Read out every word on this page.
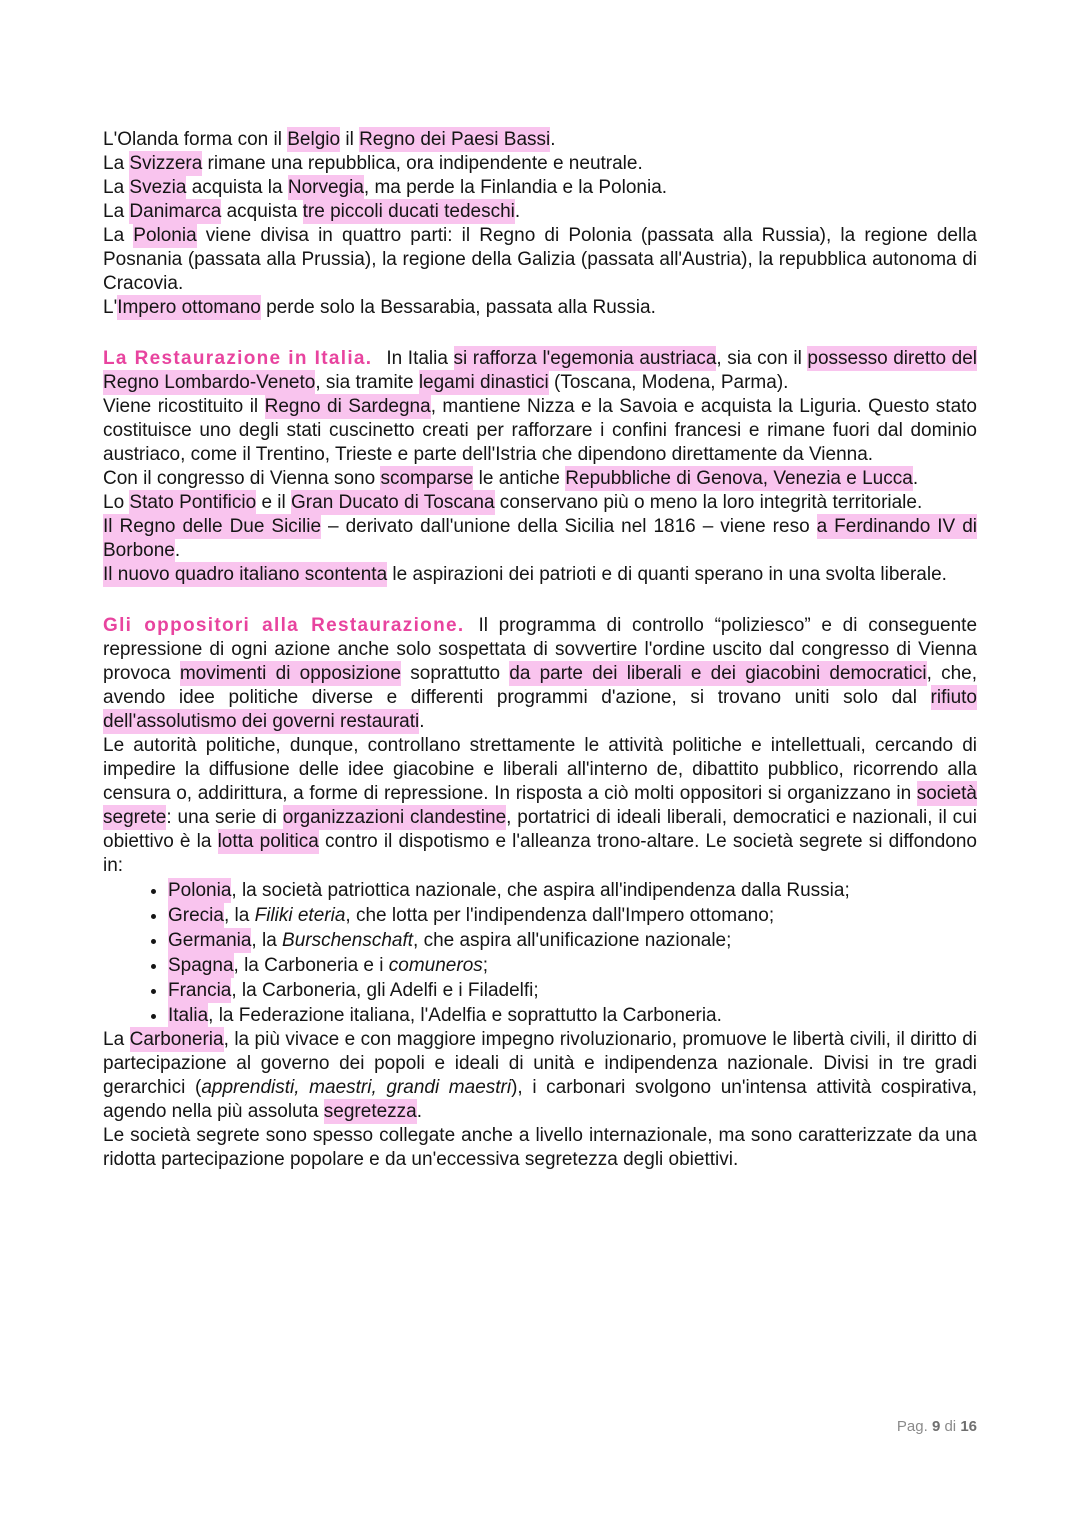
L'Olanda forma con il Belgio il Regno dei Paesi Bassi.

La Svizzera rimane una repubblica, ora indipendente e neutrale.

La Svezia acquista la Norvegia, ma perde la Finlandia e la Polonia.

La Danimarca acquista tre piccoli ducati tedeschi.

La Polonia viene divisa in quattro parti: il Regno di Polonia (passata alla Russia), la regione della Posnania (passata alla Prussia), la regione della Galizia (passata all'Austria), la repubblica autonoma di Cracovia.

L'Impero ottomano perde solo la Bessarabia, passata alla Russia.

La Restaurazione in Italia. In Italia si rafforza l'egemonia austriaca, sia con il possesso diretto del Regno Lombardo-Veneto, sia tramite legami dinastici (Toscana, Modena, Parma).

Viene ricostituito il Regno di Sardegna, mantiene Nizza e la Savoia e acquista la Liguria. Questo stato costituisce uno degli stati cuscinetto creati per rafforzare i confini francesi e rimane fuori dal dominio austriaco, come il Trentino, Trieste e parte dell'Istria che dipendono direttamente da Vienna.

Con il congresso di Vienna sono scomparse le antiche Repubbliche di Genova, Venezia e Lucca.

Lo Stato Pontificio e il Gran Ducato di Toscana conservano più o meno la loro integrità territoriale.

Il Regno delle Due Sicilie – derivato dall'unione della Sicilia nel 1816 – viene reso a Ferdinando IV di Borbone.

Il nuovo quadro italiano scontenta le aspirazioni dei patrioti e di quanti sperano in una svolta liberale.

Gli oppositori alla Restaurazione. Il programma di controllo “poliziesco” e di conseguente repressione di ogni azione anche solo sospettata di sovvertire l'ordine uscito dal congresso di Vienna provoca movimenti di opposizione soprattutto da parte dei liberali e dei giacobini democratici, che, avendo idee politiche diverse e differenti programmi d'azione, si trovano uniti solo dal rifiuto dell'assolutismo dei governi restaurati.

Le autorità politiche, dunque, controllano strettamente le attività politiche e intellettuali, cercando di impedire la diffusione delle idee giacobine e liberali all'interno de, dibattito pubblico, ricorrendo alla censura o, addirittura, a forme di repressione. In risposta a ciò molti oppositori si organizzano in società segrete: una serie di organizzazioni clandestine, portatrici di ideali liberali, democratici e nazionali, il cui obiettivo è la lotta politica contro il dispotismo e l'alleanza trono-altare. Le società segrete si diffondono in:

• Polonia, la società patriottica nazionale, che aspira all'indipendenza dalla Russia;
• Grecia, la Filiki eteria, che lotta per l'indipendenza dall'Impero ottomano;
• Germania, la Burschenschaft, che aspira all'unificazione nazionale;
• Spagna, la Carboneria e i comuneros;
• Francia, la Carboneria, gli Adelfi e i Filadelfi;
• Italia, la Federazione italiana, l'Adelfia e soprattutto la Carboneria.

La Carboneria, la più vivace e con maggiore impegno rivoluzionario, promuove le libertà civili, il diritto di partecipazione al governo dei popoli e ideali di unità e indipendenza nazionale. Divisi in tre gradi gerarchici (apprendisti, maestri, grandi maestri), i carbonari svolgono un'intensa attività cospirativa, agendo nella più assoluta segretezza.

Le società segrete sono spesso collegate anche a livello internazionale, ma sono caratterizzate da una ridotta partecipazione popolare e da un'eccessiva segretezza degli obiettivi.

Pag. 9 di 16
